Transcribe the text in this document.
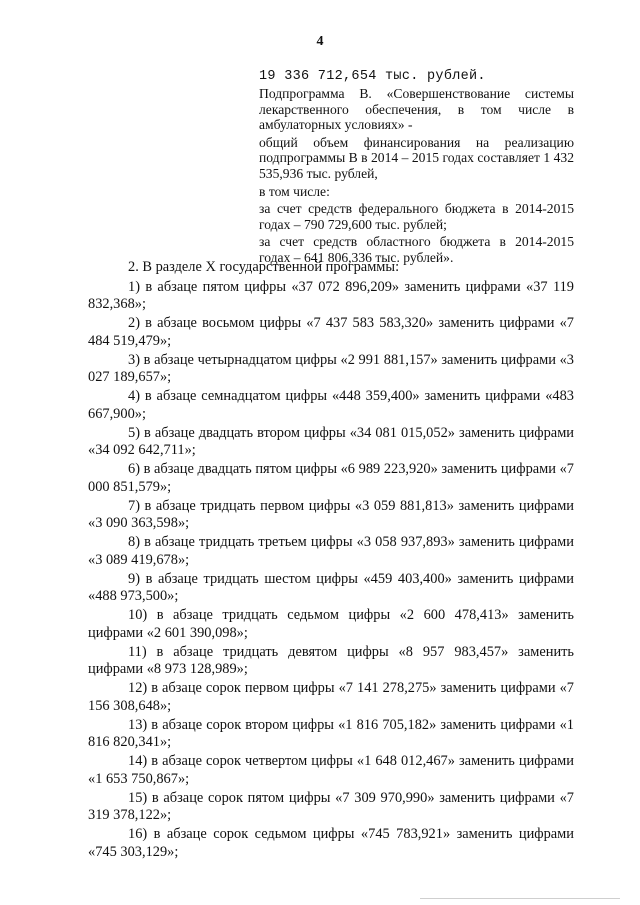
4
19 336 712,654 тыс. рублей.

Подпрограмма В. «Совершенствование системы лекарственного обеспечения, в том числе в амбулаторных условиях» -

общий объем финансирования на реализацию подпрограммы В в 2014 – 2015 годах составляет 1 432 535,936 тыс. рублей,

в том числе:

за счет средств федерального бюджета в 2014-2015 годах – 790 729,600 тыс. рублей;

за счет средств областного бюджета в 2014-2015 годах – 641 806,336 тыс. рублей».

2. В разделе X государственной программы:

1) в абзаце пятом цифры «37 072 896,209» заменить цифрами «37 119 832,368»;

2) в абзаце восьмом цифры «7 437 583 583,320» заменить цифрами «7 484 519,479»;

3) в абзаце четырнадцатом цифры «2 991 881,157» заменить цифрами «3 027 189,657»;

4) в абзаце семнадцатом цифры «448 359,400» заменить цифрами «483 667,900»;

5) в абзаце двадцать втором цифры «34 081 015,052» заменить цифрами «34 092 642,711»;

6) в абзаце двадцать пятом цифры «6 989 223,920» заменить цифрами «7 000 851,579»;

7) в абзаце тридцать первом цифры «3 059 881,813» заменить цифрами «3 090 363,598»;

8) в абзаце тридцать третьем цифры «3 058 937,893» заменить цифрами «3 089 419,678»;

9) в абзаце тридцать шестом цифры «459 403,400» заменить цифрами «488 973,500»;

10) в абзаце тридцать седьмом цифры «2 600 478,413» заменить цифрами «2 601 390,098»;

11) в абзаце тридцать девятом цифры «8 957 983,457» заменить цифрами «8 973 128,989»;

12) в абзаце сорок первом цифры «7 141 278,275» заменить цифрами «7 156 308,648»;

13) в абзаце сорок втором цифры «1 816 705,182» заменить цифрами «1 816 820,341»;

14) в абзаце сорок четвертом цифры «1 648 012,467» заменить цифрами «1 653 750,867»;

15) в абзаце сорок пятом цифры «7 309 970,990» заменить цифрами «7 319 378,122»;

16) в абзаце сорок седьмом цифры «745 783,921» заменить цифрами «745 303,129»;
